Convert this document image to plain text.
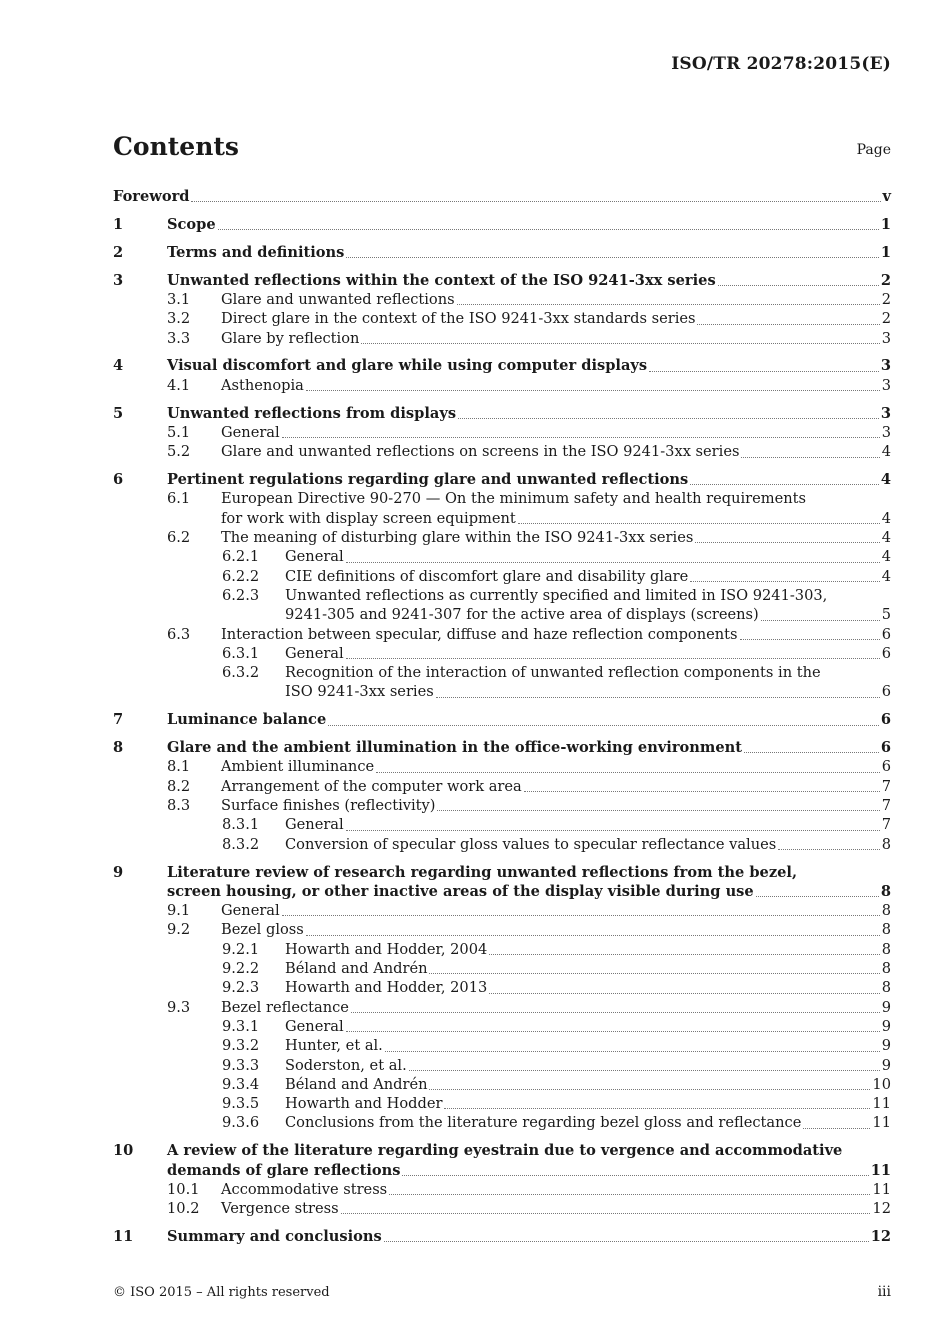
ISO/TR 20278:2015(E)
Contents	Page
Foreword	v
1	Scope	1
2	Terms and definitions	1
3	Unwanted reflections within the context of the ISO 9241-3xx series	2
3.1 Glare and unwanted reflections	2
3.2 Direct glare in the context of the ISO 9241-3xx standards series	2
3.3 Glare by reflection	3
4	Visual discomfort and glare while using computer displays	3
4.1 Asthenopia	3
5	Unwanted reflections from displays	3
5.1 General	3
5.2 Glare and unwanted reflections on screens in the ISO 9241-3xx series	4
6	Pertinent regulations regarding glare and unwanted reflections	4
6.1 European Directive 90-270 — On the minimum safety and health requirements
for work with display screen equipment	4
6.2 The meaning of disturbing glare within the ISO 9241-3xx series	4
6.2.1 General	4
6.2.2 CIE definitions of discomfort glare and disability glare	4
6.2.3 Unwanted reflections as currently specified and limited in ISO 9241-303,
9241-305 and 9241-307 for the active area of displays (screens)	5
6.3 Interaction between specular, diffuse and haze reflection components	6
6.3.1 General	6
6.3.2 Recognition of the interaction of unwanted reflection components in the
ISO 9241-3xx series	6
7	Luminance balance	6
8	Glare and the ambient illumination in the office-working environment	6
8.1 Ambient illuminance	6
8.2 Arrangement of the computer work area	7
8.3 Surface finishes (reflectivity)	7
8.3.1 General	7
8.3.2 Conversion of specular gloss values to specular reflectance values	8
9	Literature review of research regarding unwanted reflections from the bezel,
screen housing, or other inactive areas of the display visible during use	8
9.1 General	8
9.2 Bezel gloss	8
9.2.1 Howarth and Hodder, 2004	8
9.2.2 Béland and Andrén	8
9.2.3 Howarth and Hodder, 2013	8
9.3 Bezel reflectance	9
9.3.1 General	9
9.3.2 Hunter, et al.	9
9.3.3 Soderston, et al.	9
9.3.4 Béland and Andrén	10
9.3.5 Howarth and Hodder	11
9.3.6 Conclusions from the literature regarding bezel gloss and reflectance	11
10 A review of the literature regarding eyestrain due to vergence and accommodative
demands of glare reflections	11
10.1 Accommodative stress	11
10.2 Vergence stress	12
11 Summary and conclusions	12
© ISO 2015 – All rights reserved	iii
